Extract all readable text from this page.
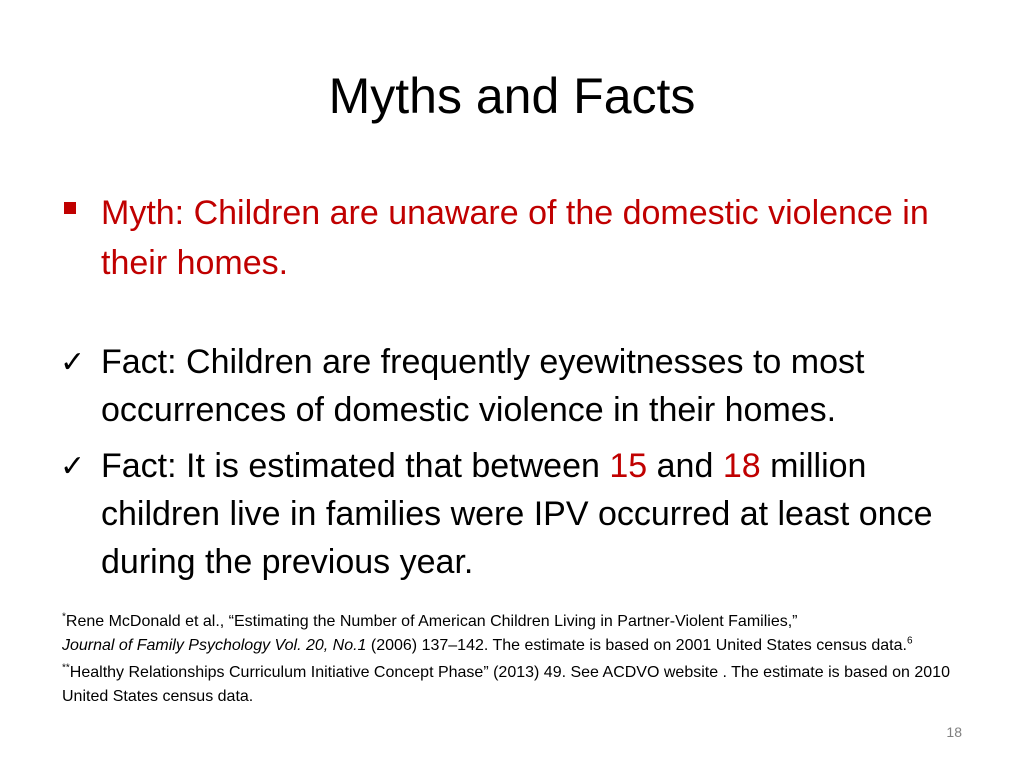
Myths and Facts
Myth: Children are unaware of the domestic violence in their homes.
✓ Fact: Children are frequently eyewitnesses to most occurrences of domestic violence in their homes.
✓ Fact: It is estimated that between 15 and 18 million children live in families were IPV occurred at least once during the previous year.

*Rene McDonald et al., “Estimating the Number of American Children Living in Partner-Violent Families,”
Journal of Family Psychology Vol. 20, No.1 (2006) 137–142. The estimate is based on 2001 United States census data.$^6$

**Healthy Relationships Curriculum Initiative Concept Phase” (2013) 49. See ACDVO website . The estimate is based on 2010 United States census data.

18
